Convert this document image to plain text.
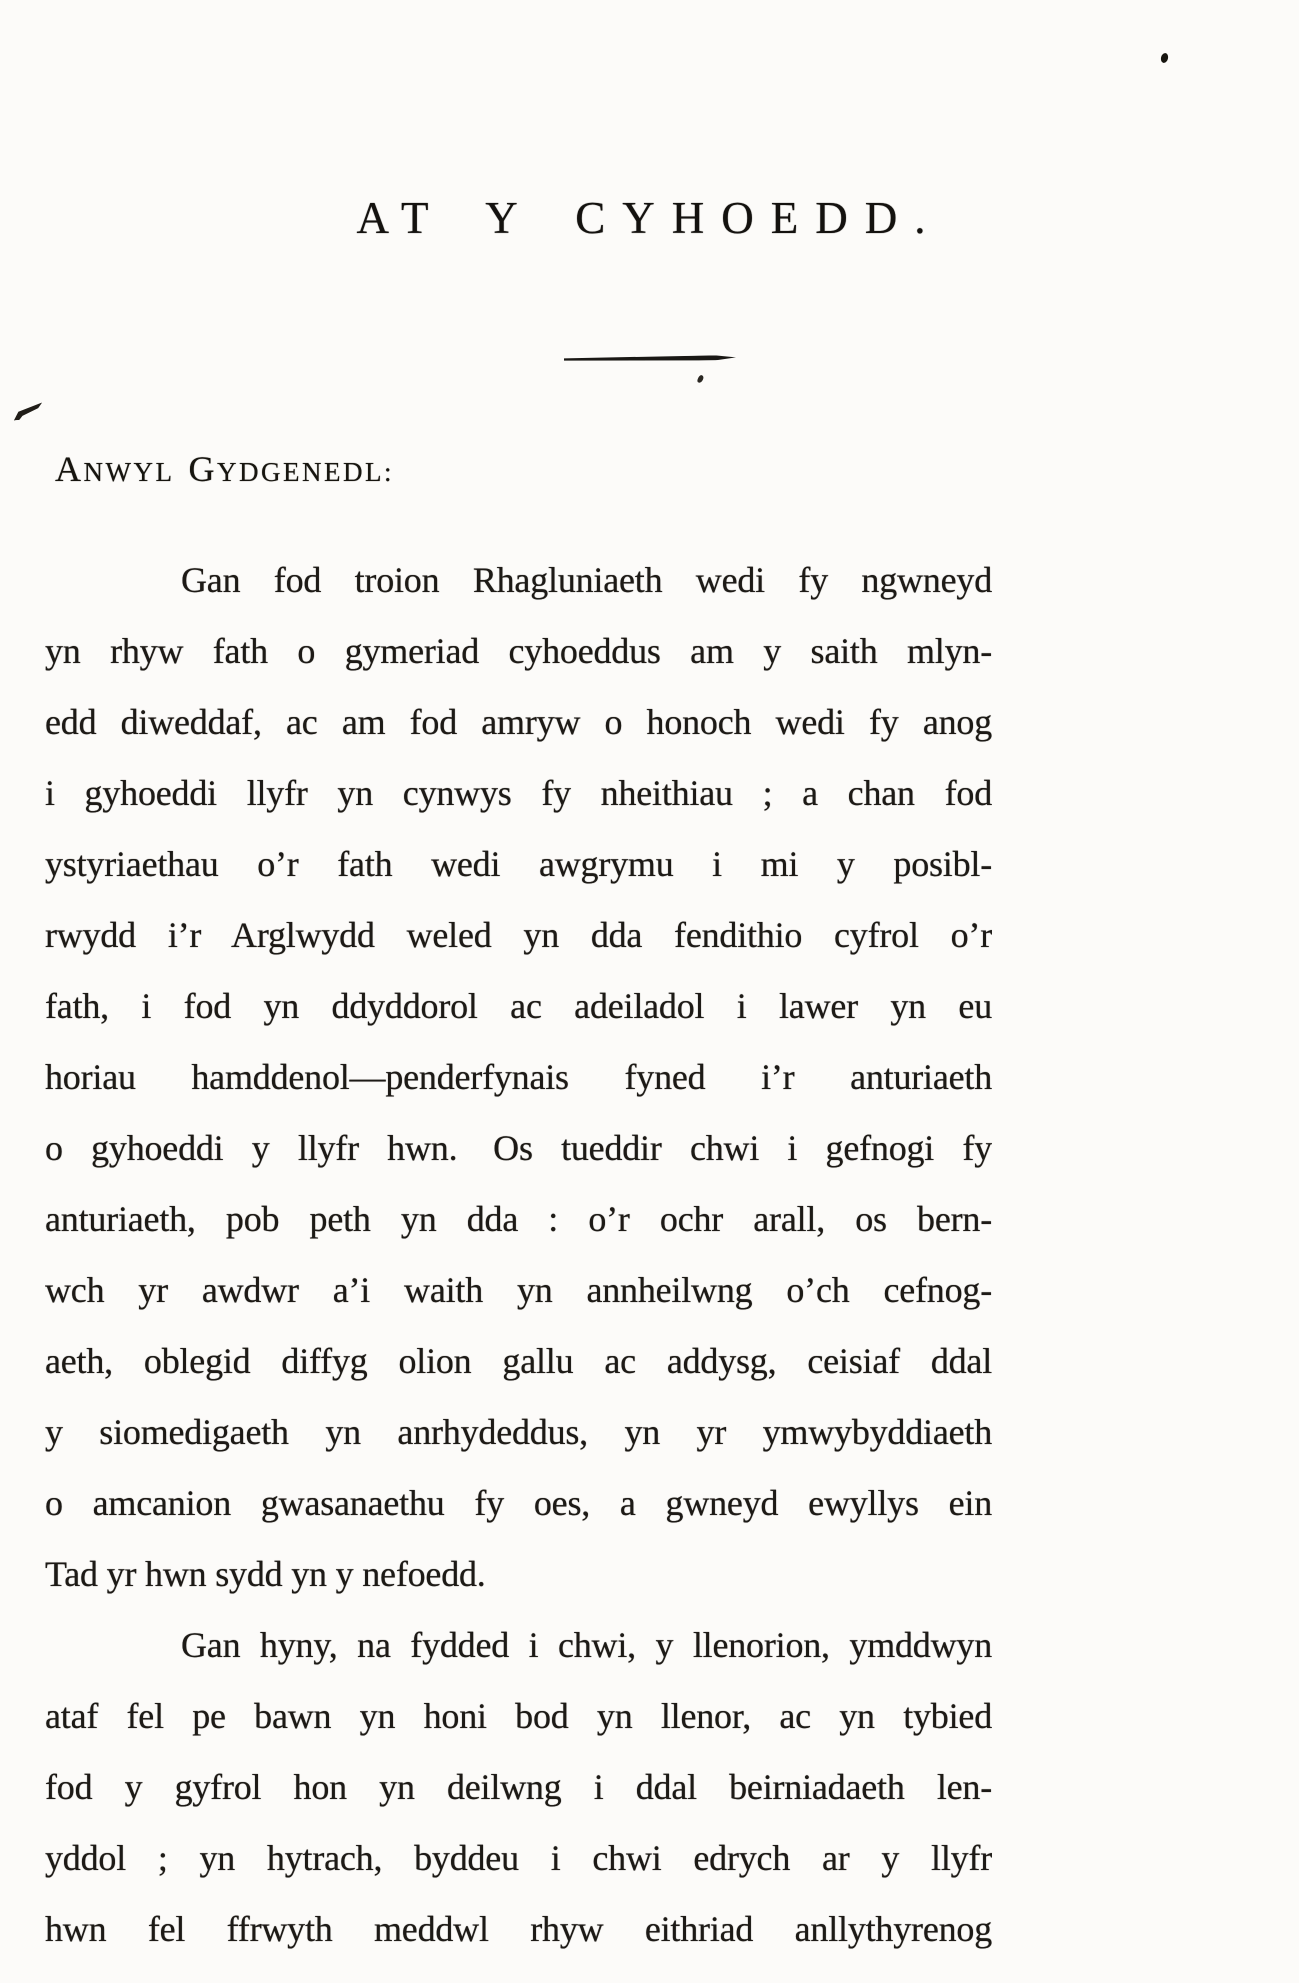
AT Y CYHOEDD.
ANWYL GYDGENEDL:
Gan fod troion Rhagluniaeth wedi fy ngwneyd
yn rhyw fath o gymeriad cyhoeddus am y saith mlyn-
edd diweddaf, ac am fod amryw o honoch wedi fy anog
i gyhoeddi llyfr yn cynwys fy nheithiau ; a chan fod
ystyriaethau o’r fath wedi awgrymu i mi y posibl-
rwydd i’r Arglwydd weled yn dda fendithio cyfrol o’r
fath, i fod yn ddyddorol ac adeiladol i lawer yn eu
horiau hamddenol—penderfynais fyned i’r anturiaeth
o gyhoeddi y llyfr hwn. Os tueddir chwi i gefnogi fy
anturiaeth, pob peth yn dda : o’r ochr arall, os bern-
wch yr awdwr a’i waith yn annheilwng o’ch cefnog-
aeth, oblegid diffyg olion gallu ac addysg, ceisiaf ddal
y siomedigaeth yn anrhydeddus, yn yr ymwybyddiaeth
o amcanion gwasanaethu fy oes, a gwneyd ewyllys ein
Tad yr hwn sydd yn y nefoedd.
Gan hyny, na fydded i chwi, y llenorion, ymddwyn
ataf fel pe bawn yn honi bod yn llenor, ac yn tybied
fod y gyfrol hon yn deilwng i ddal beirniadaeth len-
yddol ; yn hytrach, byddeu i chwi edrych ar y llyfr
hwn fel ffrwyth meddwl rhyw eithriad anllythyrenog
